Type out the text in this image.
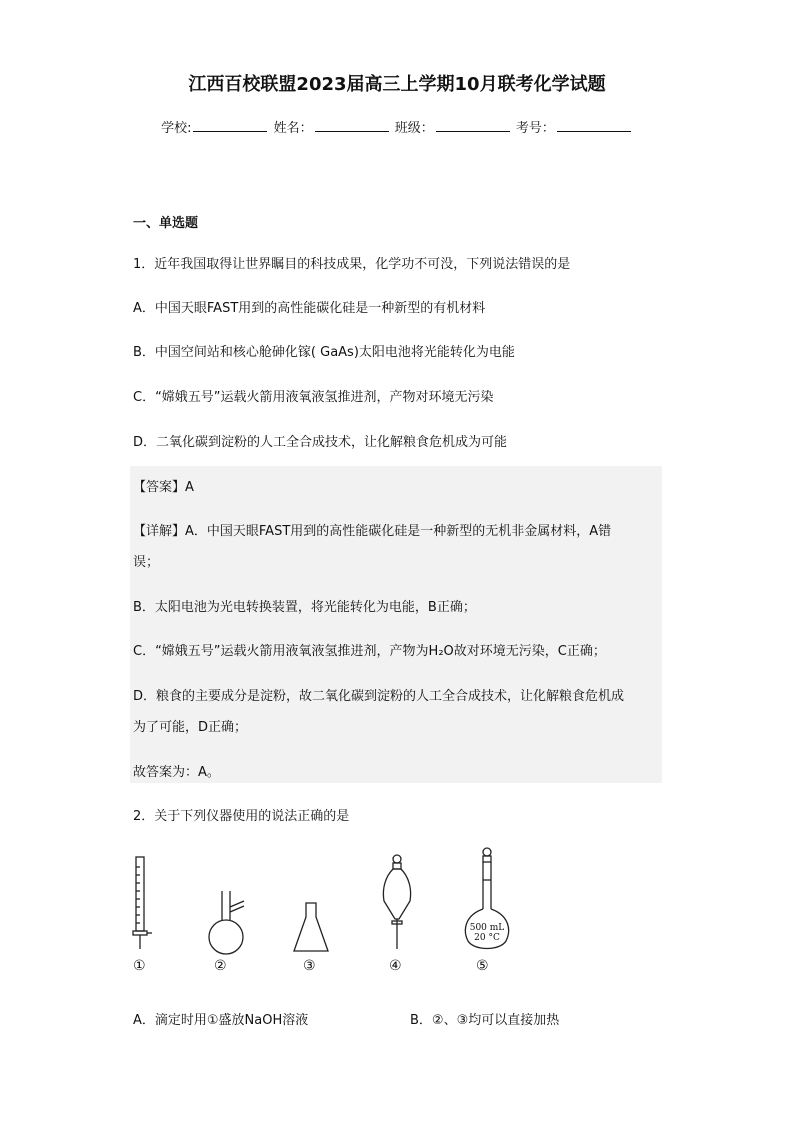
江西百校联盟2023届高三上学期10月联考化学试题
学校:	姓名：	班级：	考号：
一、单选题
1．近年我国取得让世界瞩目的科技成果，化学功不可没，下列说法错误的是
A．中国天眼FAST用到的高性能碳化硅是一种新型的有机材料
B．中国空间站和核心舱砷化镓( GaAs)太阳电池将光能转化为电能
C．“嫦娥五号”运载火箭用液氧液氢推进剂，产物对环境无污染
D．二氧化碳到淀粉的人工全合成技术，让化解粮食危机成为可能
【答案】A
【详解】A．中国天眼FAST用到的高性能碳化硅是一种新型的无机非金属材料，A错
误；
B．太阳电池为光电转换装置，将光能转化为电能，B正确；
C．“嫦娥五号”运载火箭用液氧液氢推进剂，产物为H₂O故对环境无污染，C正确；
D．粮食的主要成分是淀粉，故二氧化碳到淀粉的人工全合成技术，让化解粮食危机成
为了可能，D正确；
故答案为：A。
2．关于下列仪器使用的说法正确的是
500 mL
20 °C
①	②	③	④	⑤
A．滴定时用①盛放NaOH溶液	B．②、③均可以直接加热
